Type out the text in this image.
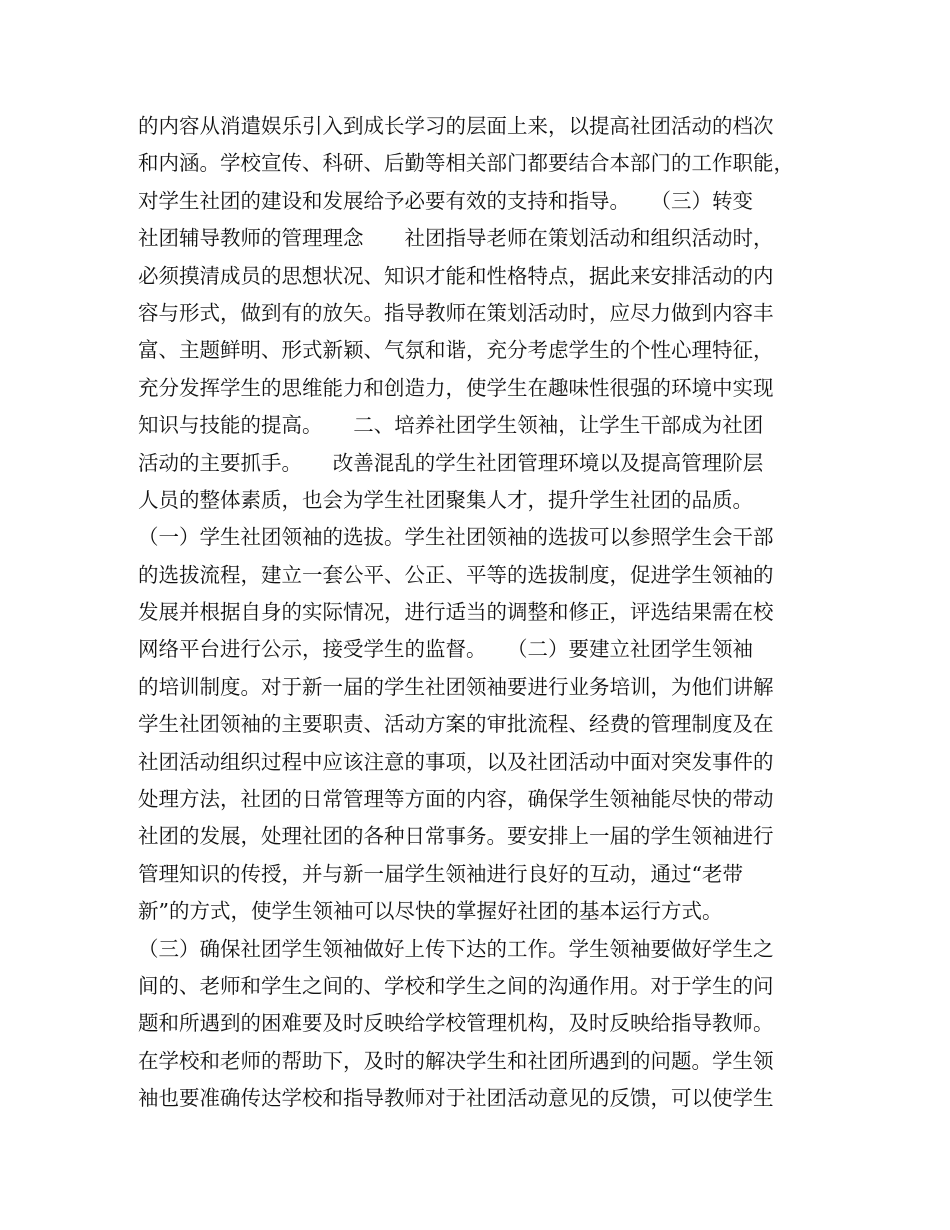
的内容从消遣娱乐引入到成长学习的层面上来，以提高社团活动的档次
和内涵。学校宣传、科研、后勤等相关部门都要结合本部门的工作职能，
对学生社团的建设和发展给予必要有效的支持和指导。　　（三）转变
社团辅导教师的管理理念　　社团指导老师在策划活动和组织活动时，
必须摸清成员的思想状况、知识才能和性格特点，据此来安排活动的内
容与形式，做到有的放矢。指导教师在策划活动时，应尽力做到内容丰
富、主题鲜明、形式新颖、气氛和谐，充分考虑学生的个性心理特征，
充分发挥学生的思维能力和创造力，使学生在趣味性很强的环境中实现
知识与技能的提高。　　二、培养社团学生领袖，让学生干部成为社团
活动的主要抓手。　　改善混乱的学生社团管理环境以及提高管理阶层
人员的整体素质，也会为学生社团聚集人才，提升学生社团的品质。
（一）学生社团领袖的选拔。学生社团领袖的选拔可以参照学生会干部
的选拔流程，建立一套公平、公正、平等的选拔制度，促进学生领袖的
发展并根据自身的实际情况，进行适当的调整和修正，评选结果需在校
网络平台进行公示，接受学生的监督。　　（二）要建立社团学生领袖
的培训制度。对于新一届的学生社团领袖要进行业务培训，为他们讲解
学生社团领袖的主要职责、活动方案的审批流程、经费的管理制度及在
社团活动组织过程中应该注意的事项，以及社团活动中面对突发事件的
处理方法，社团的日常管理等方面的内容，确保学生领袖能尽快的带动
社团的发展，处理社团的各种日常事务。要安排上一届的学生领袖进行
管理知识的传授，并与新一届学生领袖进行良好的互动，通过“老带
新”的方式，使学生领袖可以尽快的掌握好社团的基本运行方式。
（三）确保社团学生领袖做好上传下达的工作。学生领袖要做好学生之
间的、老师和学生之间的、学校和学生之间的沟通作用。对于学生的问
题和所遇到的困难要及时反映给学校管理机构，及时反映给指导教师。
在学校和老师的帮助下，及时的解决学生和社团所遇到的问题。学生领
袖也要准确传达学校和指导教师对于社团活动意见的反馈，可以使学生
